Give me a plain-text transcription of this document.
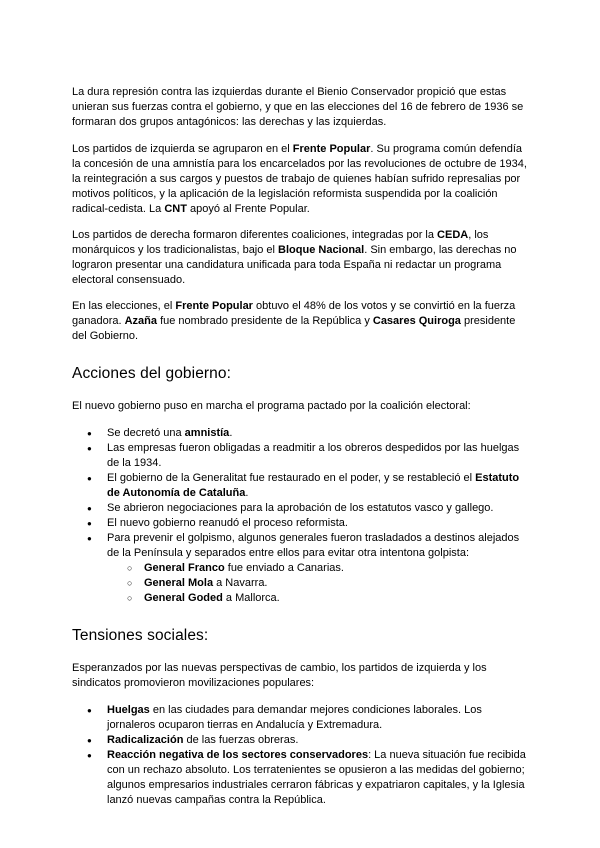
La dura represión contra las izquierdas durante el Bienio Conservador propició que estas unieran sus fuerzas contra el gobierno, y que en las elecciones del 16 de febrero de 1936 se formaran dos grupos antagónicos: las derechas y las izquierdas.

Los partidos de izquierda se agruparon en el Frente Popular. Su programa común defendía la concesión de una amnistía para los encarcelados por las revoluciones de octubre de 1934, la reintegración a sus cargos y puestos de trabajo de quienes habían sufrido represalias por motivos políticos, y la aplicación de la legislación reformista suspendida por la coalición radical-cedista. La CNT apoyó al Frente Popular.

Los partidos de derecha formaron diferentes coaliciones, integradas por la CEDA, los monárquicos y los tradicionalistas, bajo el Bloque Nacional. Sin embargo, las derechas no lograron presentar una candidatura unificada para toda España ni redactar un programa electoral consensuado.

En las elecciones, el Frente Popular obtuvo el 48% de los votos y se convirtió en la fuerza ganadora. Azaña fue nombrado presidente de la República y Casares Quiroga presidente del Gobierno.

Acciones del gobierno:

El nuevo gobierno puso en marcha el programa pactado por la coalición electoral:

● Se decretó una amnistía.
● Las empresas fueron obligadas a readmitir a los obreros despedidos por las huelgas de la 1934.
● El gobierno de la Generalitat fue restaurado en el poder, y se restableció el Estatuto de Autonomía de Cataluña.
● Se abrieron negociaciones para la aprobación de los estatutos vasco y gallego.
● El nuevo gobierno reanudó el proceso reformista.
● Para prevenir el golpismo, algunos generales fueron trasladados a destinos alejados de la Península y separados entre ellos para evitar otra intentona golpista:
○ General Franco fue enviado a Canarias.
○ General Mola a Navarra.
○ General Goded a Mallorca.
Tensiones sociales:

Esperanzados por las nuevas perspectivas de cambio, los partidos de izquierda y los sindicatos promovieron movilizaciones populares:

● Huelgas en las ciudades para demandar mejores condiciones laborales. Los jornaleros ocuparon tierras en Andalucía y Extremadura.
● Radicalización de las fuerzas obreras.
● Reacción negativa de los sectores conservadores: La nueva situación fue recibida con un rechazo absoluto. Los terratenientes se opusieron a las medidas del gobierno; algunos empresarios industriales cerraron fábricas y expatriaron capitales, y la Iglesia lanzó nuevas campañas contra la República.
